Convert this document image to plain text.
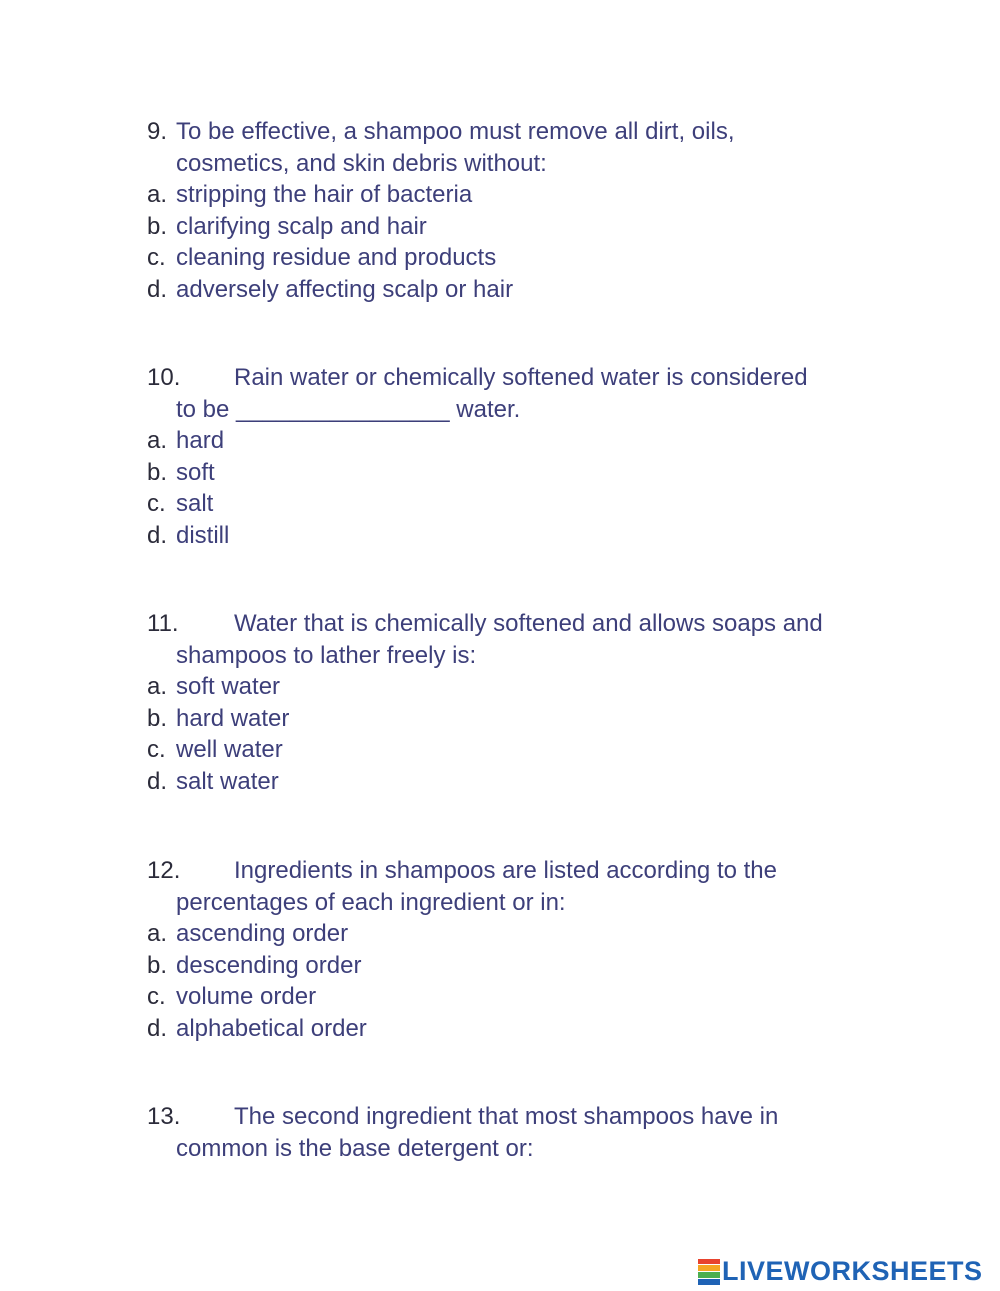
9. To be effective, a shampoo must remove all dirt, oils,
cosmetics, and skin debris without:
a. stripping the hair of bacteria
b. clarifying scalp and hair
c. cleaning residue and products
d. adversely affecting scalp or hair
10.	Rain water or chemically softened water is considered
to be ________________ water.
a. hard
b. soft
c. salt
d. distill
11.	Water that is chemically softened and allows soaps and
shampoos to lather freely is:
a. soft water
b. hard water
c. well water
d. salt water
12.	Ingredients in shampoos are listed according to the
percentages of each ingredient or in:
a. ascending order
b. descending order
c. volume order
d. alphabetical order
13.	The second ingredient that most shampoos have in
common is the base detergent or:
LIVEWORKSHEETS
